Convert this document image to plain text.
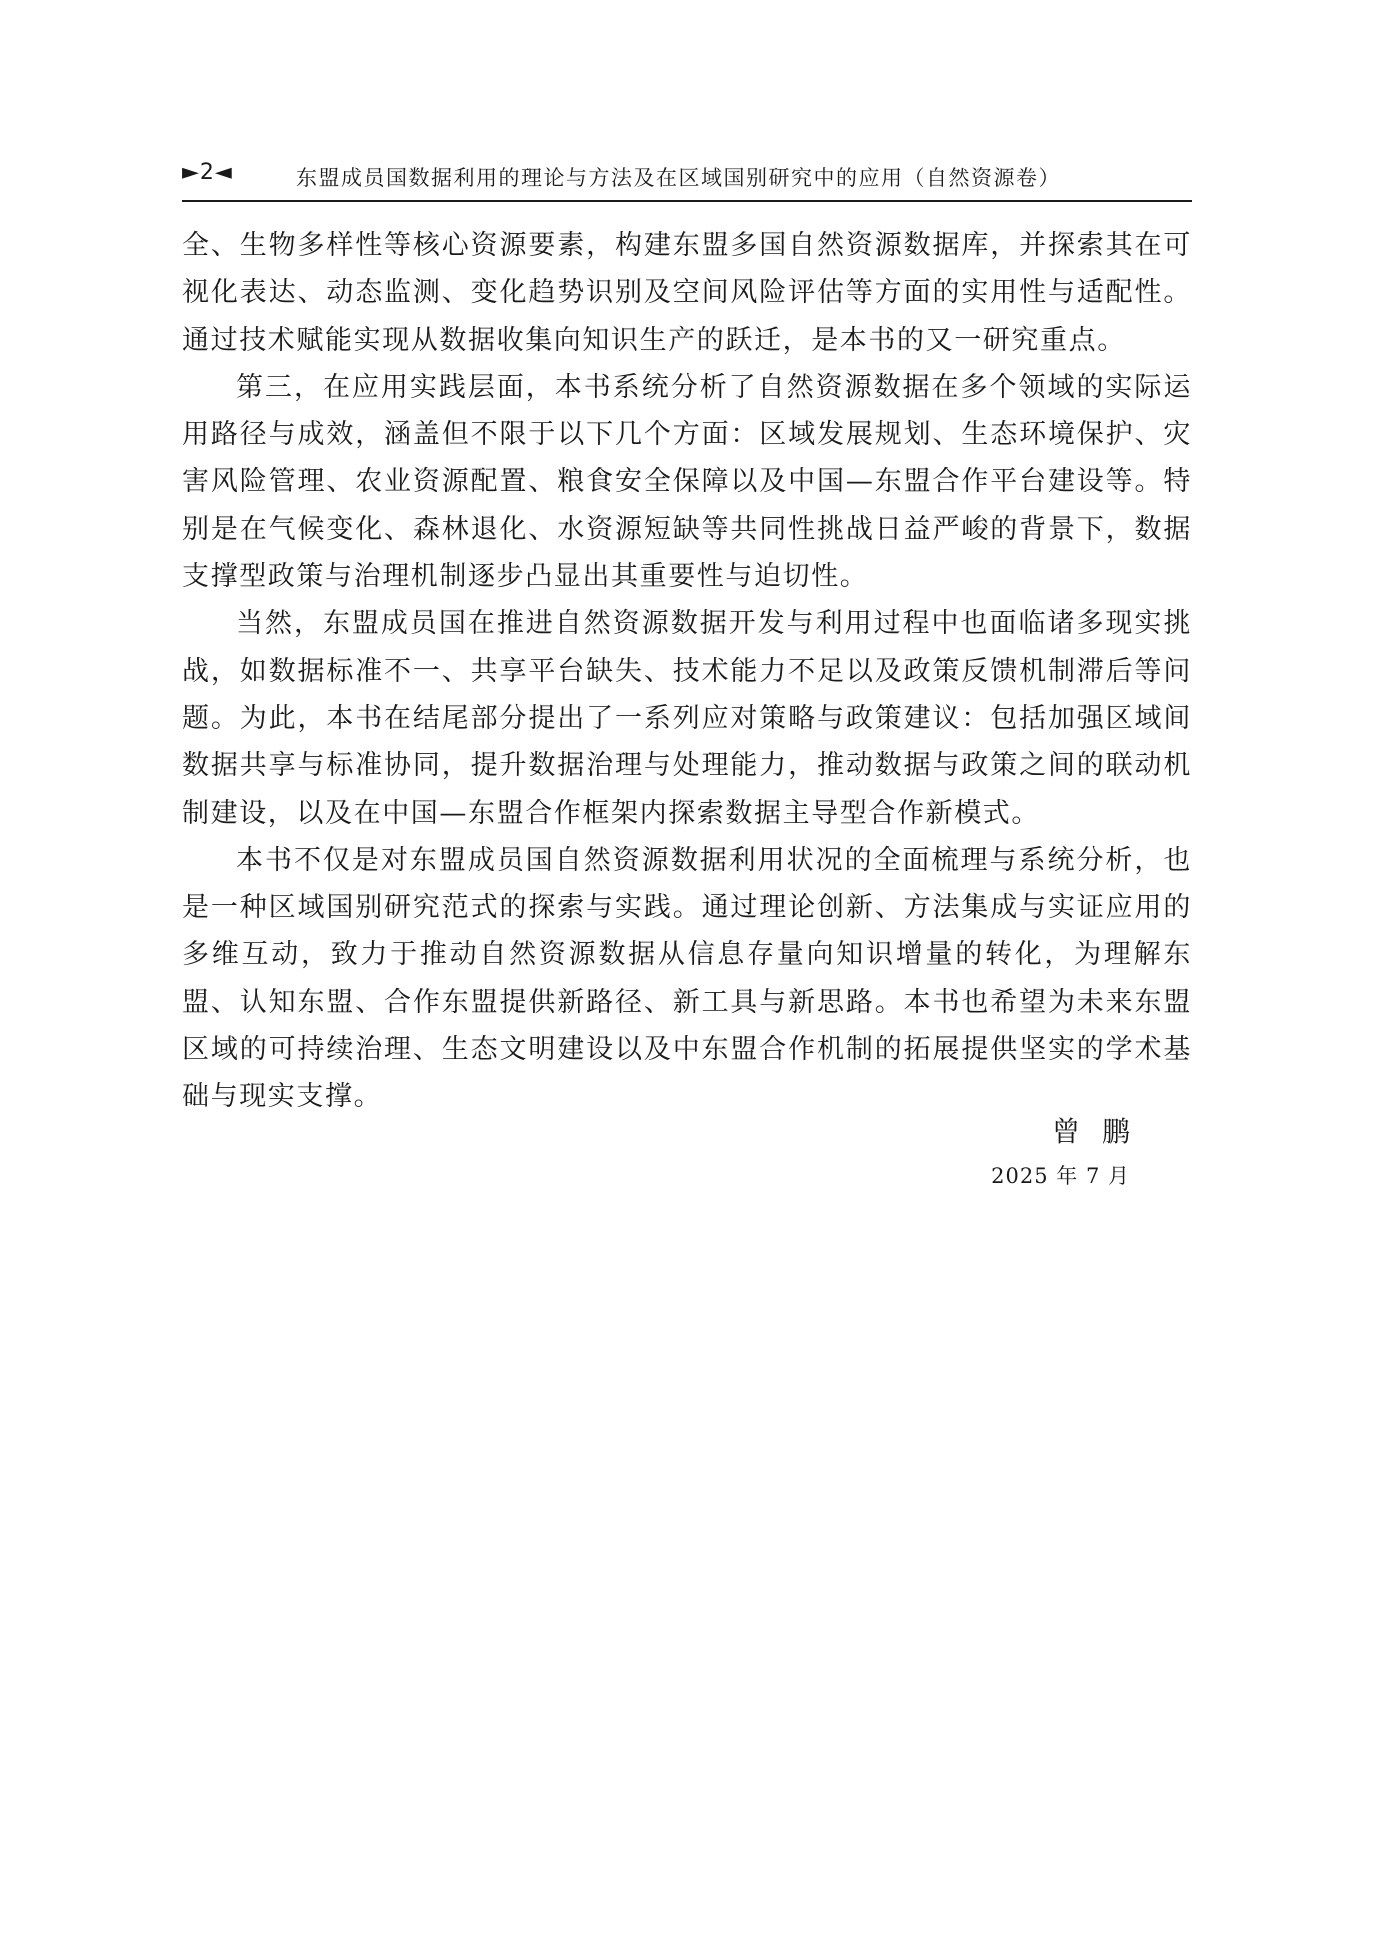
►2◄	东盟成员国数据利用的理论与方法及在区域国别研究中的应用（自然资源卷）

全、生物多样性等核心资源要素，构建东盟多国自然资源数据库，并探索其在可视化表达、动态监测、变化趋势识别及空间风险评估等方面的实用性与适配性。通过技术赋能实现从数据收集向知识生产的跃迁，是本书的又一研究重点。

第三，在应用实践层面，本书系统分析了自然资源数据在多个领域的实际运用路径与成效，涵盖但不限于以下几个方面：区域发展规划、生态环境保护、灾害风险管理、农业资源配置、粮食安全保障以及中国—东盟合作平台建设等。特别是在气候变化、森林退化、水资源短缺等共同性挑战日益严峻的背景下，数据支撑型政策与治理机制逐步凸显出其重要性与迫切性。

当然，东盟成员国在推进自然资源数据开发与利用过程中也面临诸多现实挑战，如数据标准不一、共享平台缺失、技术能力不足以及政策反馈机制滞后等问题。为此，本书在结尾部分提出了一系列应对策略与政策建议：包括加强区域间数据共享与标准协同，提升数据治理与处理能力，推动数据与政策之间的联动机制建设，以及在中国—东盟合作框架内探索数据主导型合作新模式。

本书不仅是对东盟成员国自然资源数据利用状况的全面梳理与系统分析，也是一种区域国别研究范式的探索与实践。通过理论创新、方法集成与实证应用的多维互动，致力于推动自然资源数据从信息存量向知识增量的转化，为理解东盟、认知东盟、合作东盟提供新路径、新工具与新思路。本书也希望为未来东盟区域的可持续治理、生态文明建设以及中东盟合作机制的拓展提供坚实的学术基础与现实支撑。

曾鹏
2025 年 7 月
